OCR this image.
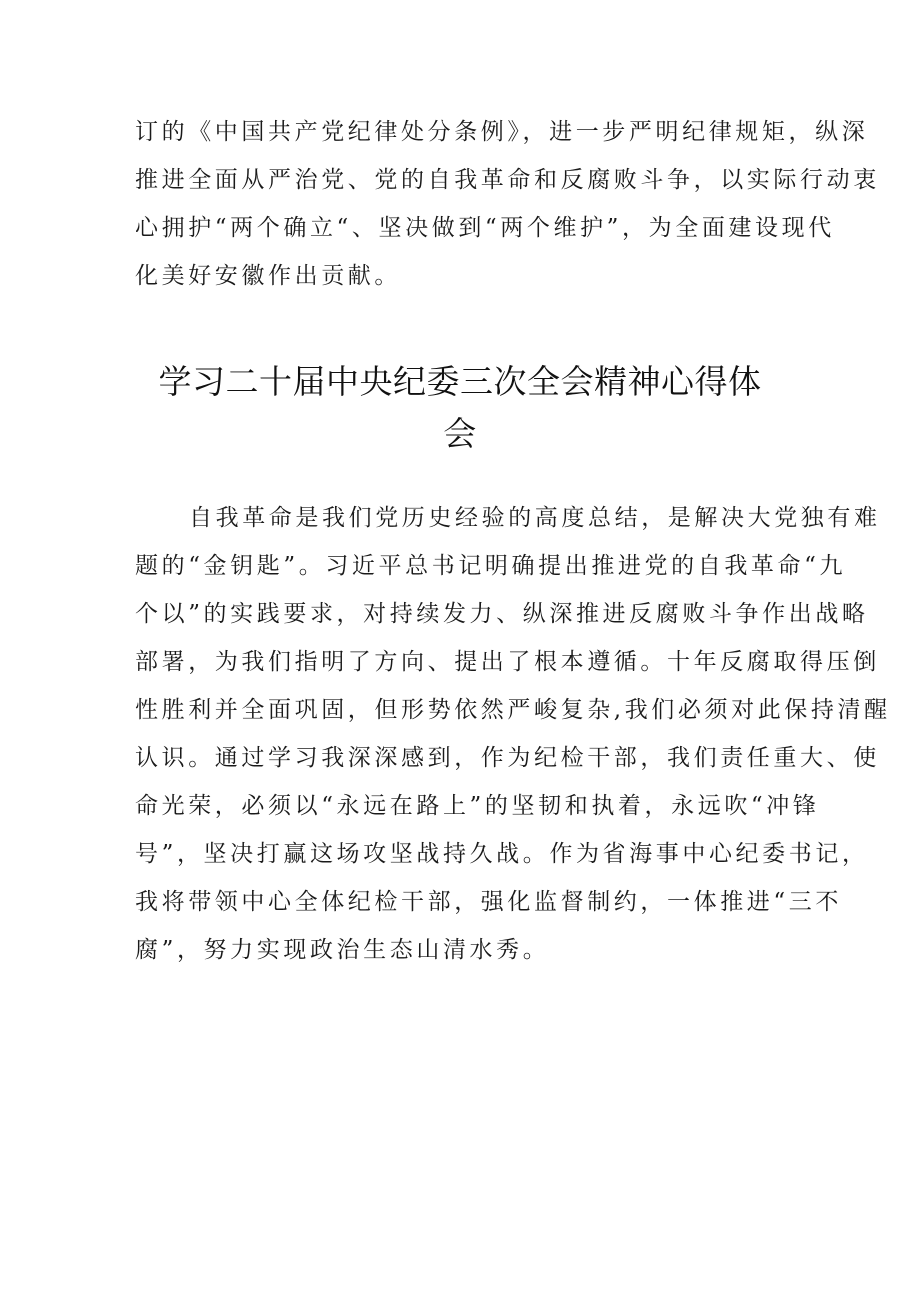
订的《中国共产党纪律处分条例》，进一步严明纪律规矩，纵深
推进全面从严治党、党的自我革命和反腐败斗争，以实际行动衷
心拥护“两个确立“、坚决做到“两个维护”，为全面建设现代
化美好安徽作出贡献。
学习二十届中央纪委三次全会精神心得体
会
自我革命是我们党历史经验的高度总结，是解决大党独有难
题的“金钥匙”。习近平总书记明确提出推进党的自我革命“九
个以”的实践要求，对持续发力、纵深推进反腐败斗争作出战略
部署，为我们指明了方向、提出了根本遵循。十年反腐取得压倒
性胜利并全面巩固，但形势依然严峻复杂,我们必须对此保持清醒
认识。通过学习我深深感到，作为纪检干部，我们责任重大、使
命光荣，必须以“永远在路上”的坚韧和执着，永远吹“冲锋
号”，坚决打赢这场攻坚战持久战。作为省海事中心纪委书记，
我将带领中心全体纪检干部，强化监督制约，一体推进“三不
腐”，努力实现政治生态山清水秀。
